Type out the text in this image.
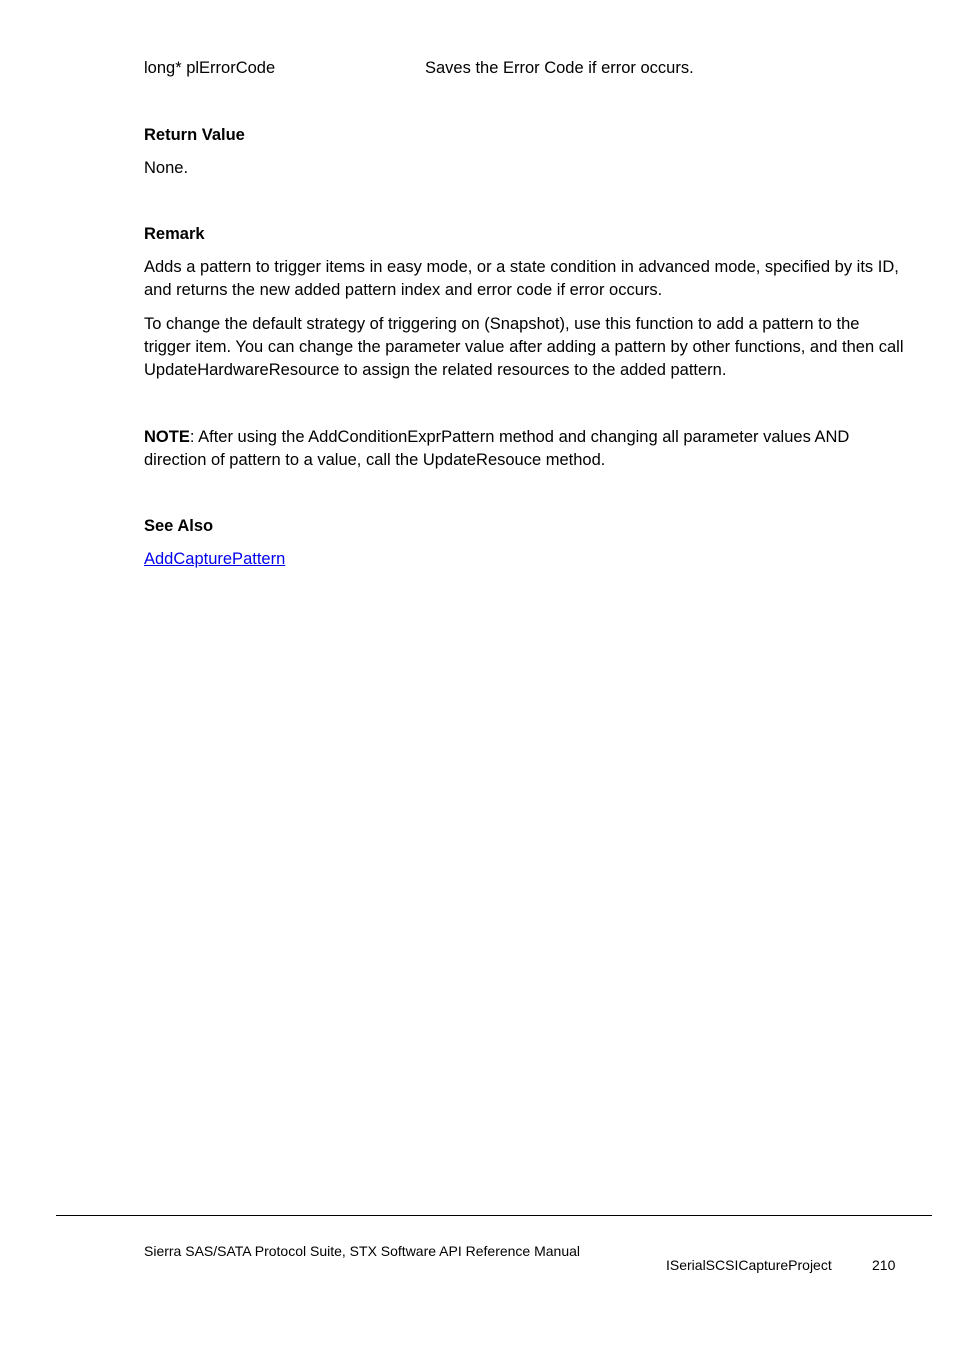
long* plErrorCode	Saves the Error Code if error occurs.
Return Value
None.
Remark
Adds a pattern to trigger items in easy mode, or a state condition in advanced mode, specified by its ID, and returns the new added pattern index and error code if error occurs.
To change the default strategy of triggering on (Snapshot), use this function to add a pattern to the trigger item. You can change the parameter value after adding a pattern by other functions, and then call UpdateHardwareResource to assign the related resources to the added pattern.
NOTE: After using the AddConditionExprPattern method and changing all parameter values AND direction of pattern to a value, call the UpdateResouce method.
See Also
AddCapturePattern
Sierra SAS/SATA Protocol Suite, STX Software API Reference Manual
ISerialSCSICaptureProject	210
